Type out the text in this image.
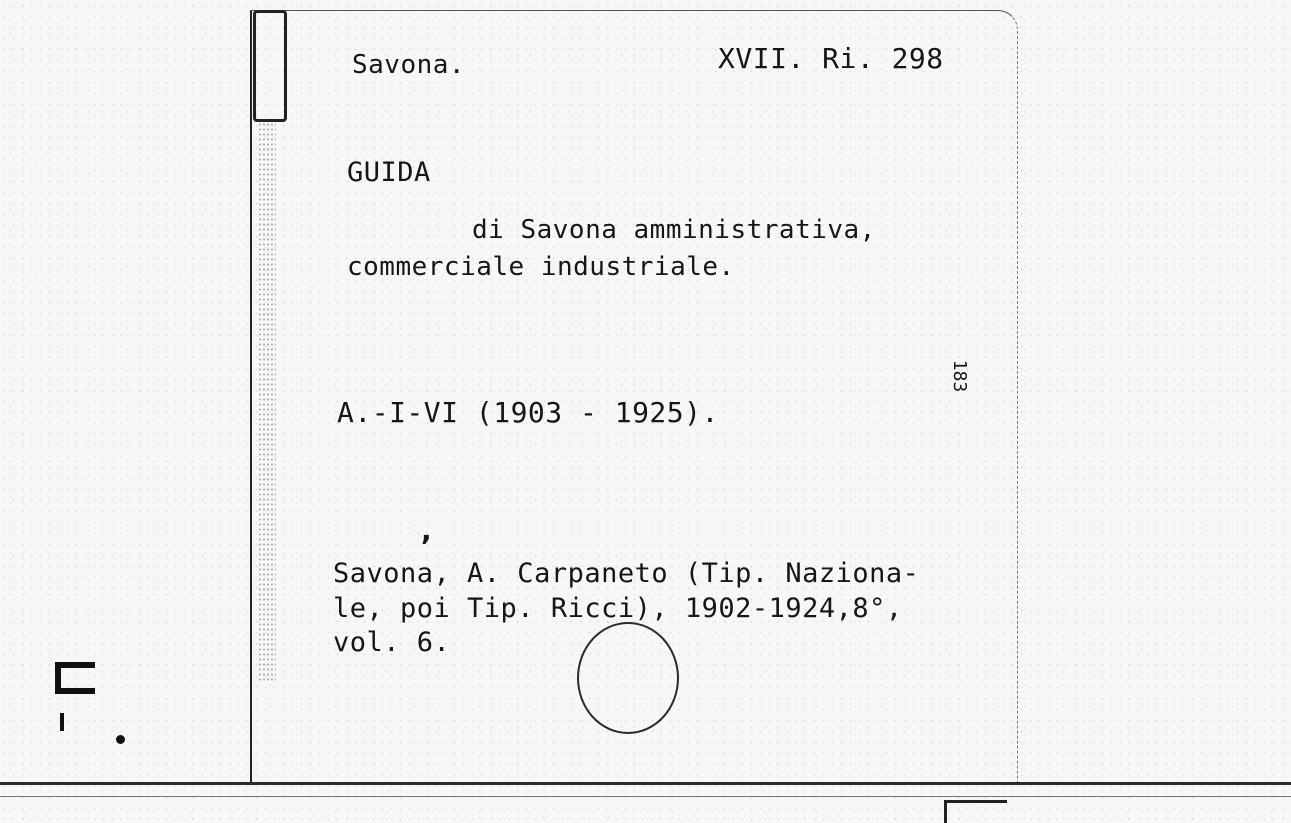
Savona.	XVII. Ri. 298
GUIDA
di Savona amministrativa,
commerciale industriale.
A.-I-VI (1903 - 1925).
183
,
Savona, A. Carpaneto (Tip. Naziona-
le, poi Tip. Ricci), 1902-1924,8°,
vol. 6.
